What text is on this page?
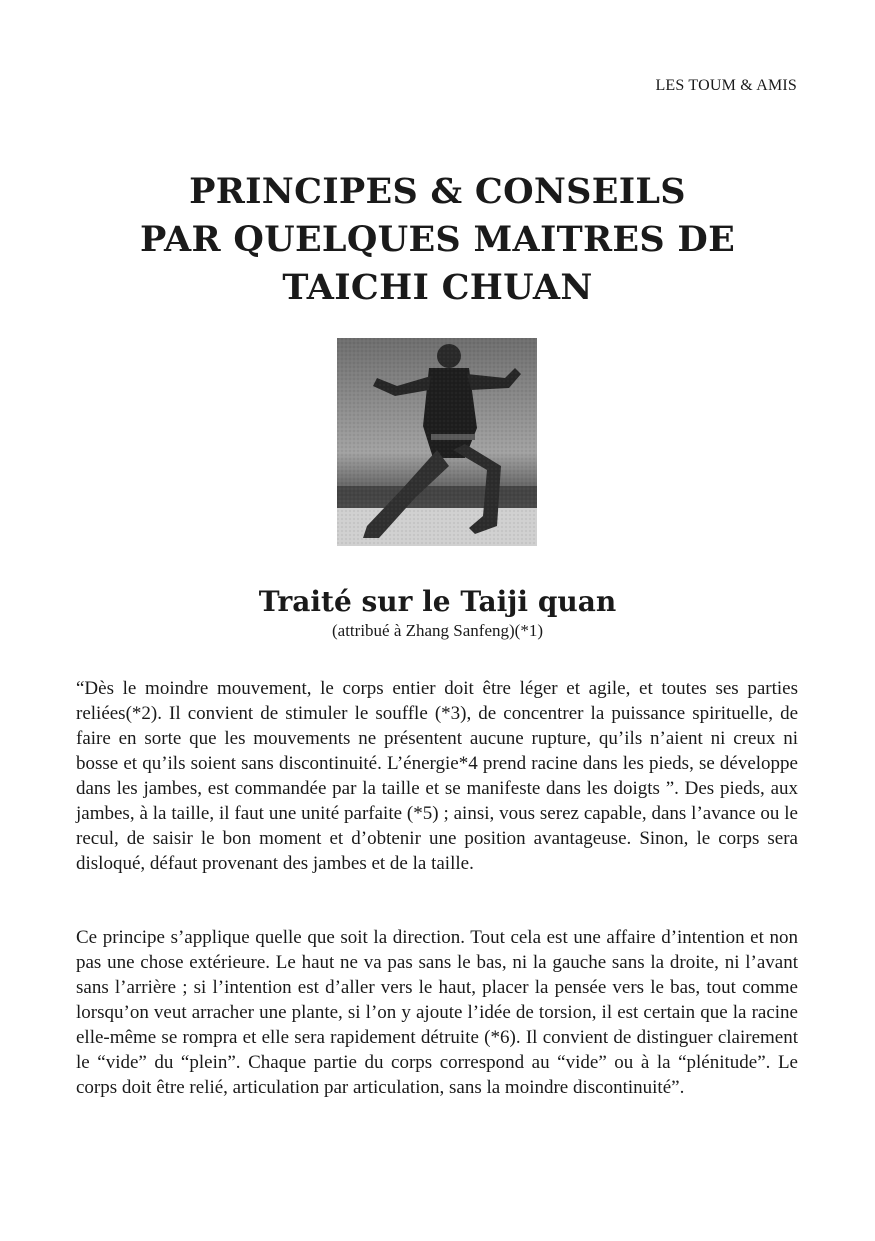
LES TOUM & AMIS
PRINCIPES & CONSEILS
PAR QUELQUES MAITRES DE
TAICHI CHUAN
Traité sur le Taiji quan
(attribué à Zhang Sanfeng)(*1)

“Dès le moindre mouvement, le corps entier doit être léger et agile, et toutes ses parties reliées(*2). Il convient de stimuler le souffle (*3), de concentrer la puissance spirituelle, de faire en sorte que les mouvements ne présentent aucune rupture, qu’ils n’aient ni creux ni bosse et qu’ils soient sans discontinuité. L’énergie*4 prend racine dans les pieds, se développe dans les jambes, est commandée par la taille et se manifeste dans les doigts ”. Des pieds, aux jambes, à la taille, il faut une unité parfaite (*5) ; ainsi, vous serez capable, dans l’avance ou le recul, de saisir le bon moment et d’obtenir une position avantageuse. Sinon, le corps sera disloqué, défaut provenant des jambes et de la taille.

Ce principe s’applique quelle que soit la direction. Tout cela est une affaire d’intention et non pas une chose extérieure. Le haut ne va pas sans le bas, ni la gauche sans la droite, ni l’avant sans l’arrière ; si l’intention est d’aller vers le haut, placer la pensée vers le bas, tout comme lorsqu’on veut arracher une plante, si l’on y ajoute l’idée de torsion, il est certain que la racine elle-même se rompra et elle sera rapidement détruite (*6). Il convient de distinguer clairement le “vide” du “plein”. Chaque partie du corps correspond au “vide” ou à la “plénitude”. Le corps doit être relié, articulation par articulation, sans la moindre discontinuité”.
